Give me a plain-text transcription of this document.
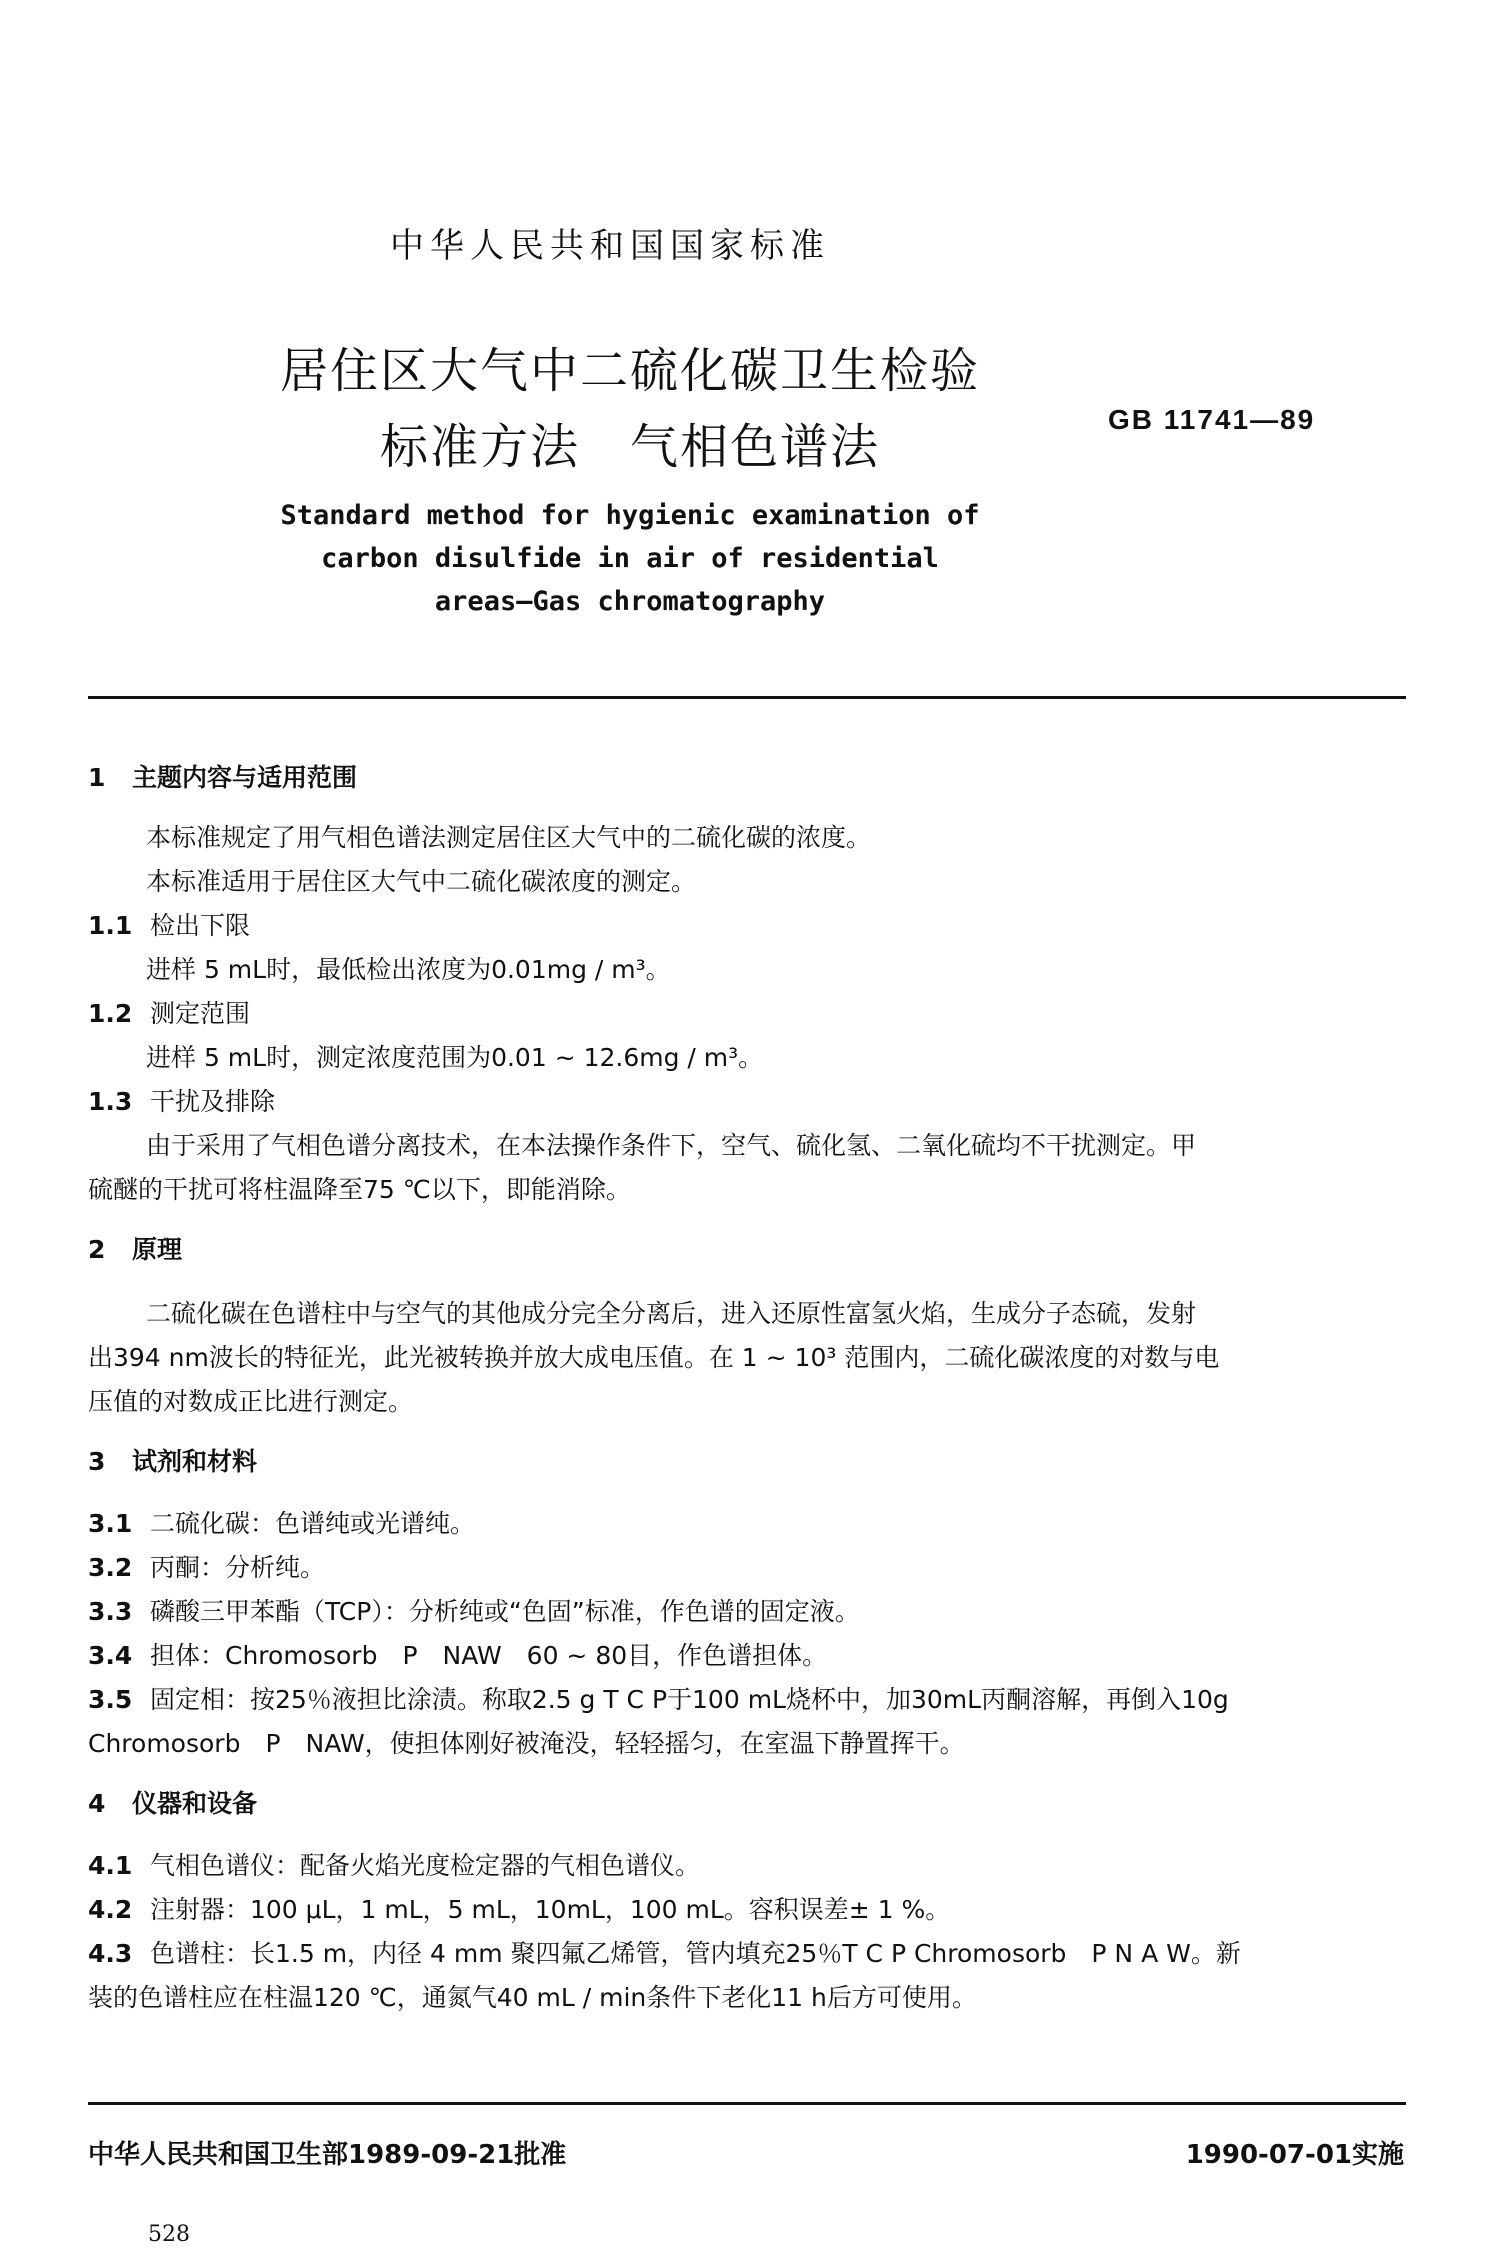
中华人民共和国国家标准
居住区大气中二硫化碳卫生检验
标准方法　气相色谱法	GB 11741—89
Standard method for hygienic examination of
carbon disulfide in air of residential
areas—Gas chromatography
1 主题内容与适用范围
本标准规定了用气相色谱法测定居住区大气中的二硫化碳的浓度。
本标准适用于居住区大气中二硫化碳浓度的测定。
1.1 检出下限
进样 5 mL时，最低检出浓度为0.01mg / m³。
1.2 测定范围
进样 5 mL时，测定浓度范围为0.01 ~ 12.6mg / m³。
1.3 干扰及排除
由于采用了气相色谱分离技术，在本法操作条件下，空气、硫化氢、二氧化硫均不干扰测定。甲
硫醚的干扰可将柱温降至75 ℃以下，即能消除。
2 原理
二硫化碳在色谱柱中与空气的其他成分完全分离后，进入还原性富氢火焰，生成分子态硫，发射
出394 nm波长的特征光，此光被转换并放大成电压值。在 1 ~ 10³ 范围内，二硫化碳浓度的对数与电
压值的对数成正比进行测定。
3 试剂和材料
3.1 二硫化碳：色谱纯或光谱纯。
3.2 丙酮：分析纯。
3.3 磷酸三甲苯酯（TCP）：分析纯或“色固”标准，作色谱的固定液。
3.4 担体：Chromosorb　P　NAW　60 ~ 80目，作色谱担体。
3.5 固定相：按25％液担比涂渍。称取2.5 g T C P于100 mL烧杯中，加30mL丙酮溶解，再倒入10g
Chromosorb　P　NAW，使担体刚好被淹没，轻轻摇匀，在室温下静置挥干。
4 仪器和设备
4.1 气相色谱仪：配备火焰光度检定器的气相色谱仪。
4.2 注射器：100 μL，1 mL，5 mL，10mL，100 mL。容积误差± 1 %。
4.3 色谱柱：长1.5 m，内径 4 mm 聚四氟乙烯管，管内填充25％T C P Chromosorb　P N A W。新
装的色谱柱应在柱温120 ℃，通氮气40 mL / min条件下老化11 h后方可使用。
中华人民共和国卫生部1989-09-21批准	1990-07-01实施
528
